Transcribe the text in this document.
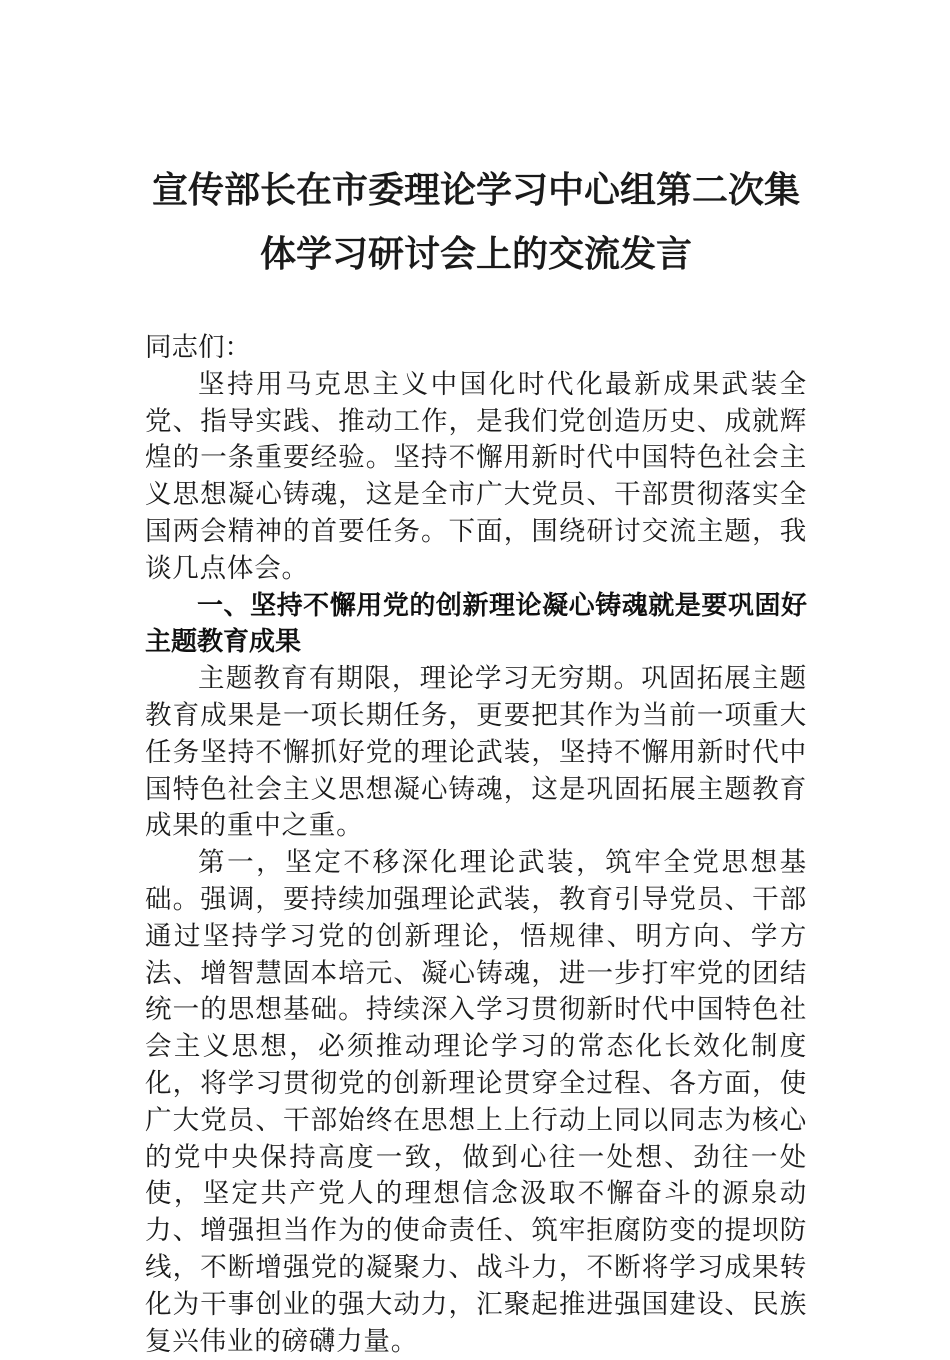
宣传部长在市委理论学习中心组第二次集
体学习研讨会上的交流发言

同志们：

坚持用马克思主义中国化时代化最新成果武装全党、指导实践、推动工作，是我们党创造历史、成就辉煌的一条重要经验。坚持不懈用新时代中国特色社会主义思想凝心铸魂，这是全市广大党员、干部贯彻落实全国两会精神的首要任务。下面，围绕研讨交流主题，我谈几点体会。

一、坚持不懈用党的创新理论凝心铸魂就是要巩固好主题教育成果

主题教育有期限，理论学习无穷期。巩固拓展主题教育成果是一项长期任务，更要把其作为当前一项重大任务坚持不懈抓好党的理论武装，坚持不懈用新时代中国特色社会主义思想凝心铸魂，这是巩固拓展主题教育成果的重中之重。

第一，坚定不移深化理论武装，筑牢全党思想基础。强调，要持续加强理论武装，教育引导党员、干部通过坚持学习党的创新理论，悟规律、明方向、学方法、增智慧固本培元、凝心铸魂，进一步打牢党的团结统一的思想基础。持续深入学习贯彻新时代中国特色社会主义思想，必须推动理论学习的常态化长效化制度化，将学习贯彻党的创新理论贯穿全过程、各方面，使广大党员、干部始终在思想上上行动上同以同志为核心的党中央保持高度一致，做到心往一处想、劲往一处使，坚定共产党人的理想信念汲取不懈奋斗的源泉动力、增强担当作为的使命责任、筑牢拒腐防变的提坝防线，不断增强党的凝聚力、战斗力，不断将学习成果转化为干事创业的强大动力，汇聚起推进强国建设、民族复兴伟业的磅礴力量。
